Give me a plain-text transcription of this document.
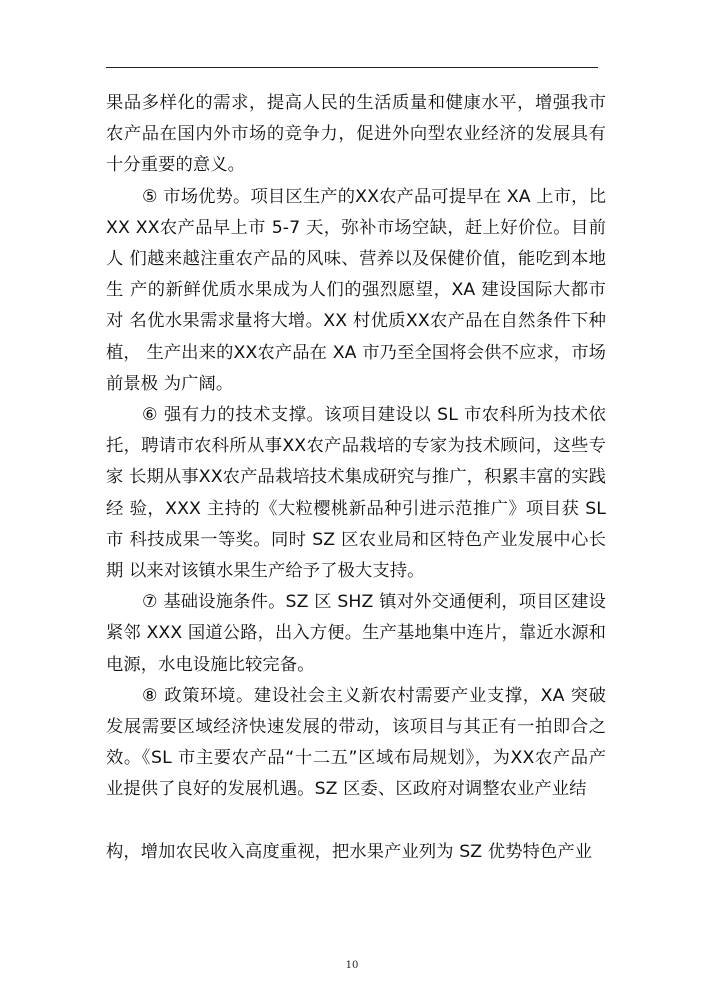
果品多样化的需求，提高人民的生活质量和健康水平，增强我市农产品在国内外市场的竞争力，促进外向型农业经济的发展具有十分重要的意义。

⑤ 市场优势。项目区生产的XX农产品可提早在 XA 上市，比 XX XX农产品早上市 5-7 天，弥补市场空缺，赶上好价位。目前人 们越来越注重农产品的风味、营养以及保健价值，能吃到本地生 产的新鲜优质水果成为人们的强烈愿望，XA 建设国际大都市对 名优水果需求量将大增。XX 村优质XX农产品在自然条件下种植， 生产出来的XX农产品在 XA 市乃至全国将会供不应求，市场前景极 为广阔。

⑥ 强有力的技术支撑。该项目建设以 SL 市农科所为技术依托，聘请市农科所从事XX农产品栽培的专家为技术顾问，这些专家 长期从事XX农产品栽培技术集成研究与推广，积累丰富的实践经 验，XXX 主持的《大粒樱桃新品种引进示范推广》项目获 SL 市 科技成果一等奖。同时 SZ 区农业局和区特色产业发展中心长期 以来对该镇水果生产给予了极大支持。

⑦ 基础设施条件。SZ 区 SHZ 镇对外交通便利，项目区建设紧邻 XXX 国道公路，出入方便。生产基地集中连片，靠近水源和电源，水电设施比较完备。

⑧ 政策环境。建设社会主义新农村需要产业支撑，XA 突破发展需要区域经济快速发展的带动，该项目与其正有一拍即合之效。《SL 市主要农产品“十二五”区域布局规划》，为XX农产品产 业提供了良好的发展机遇。SZ 区委、区政府对调整农业产业结

构，增加农民收入高度重视，把水果产业列为 SZ 优势特色产业

10
